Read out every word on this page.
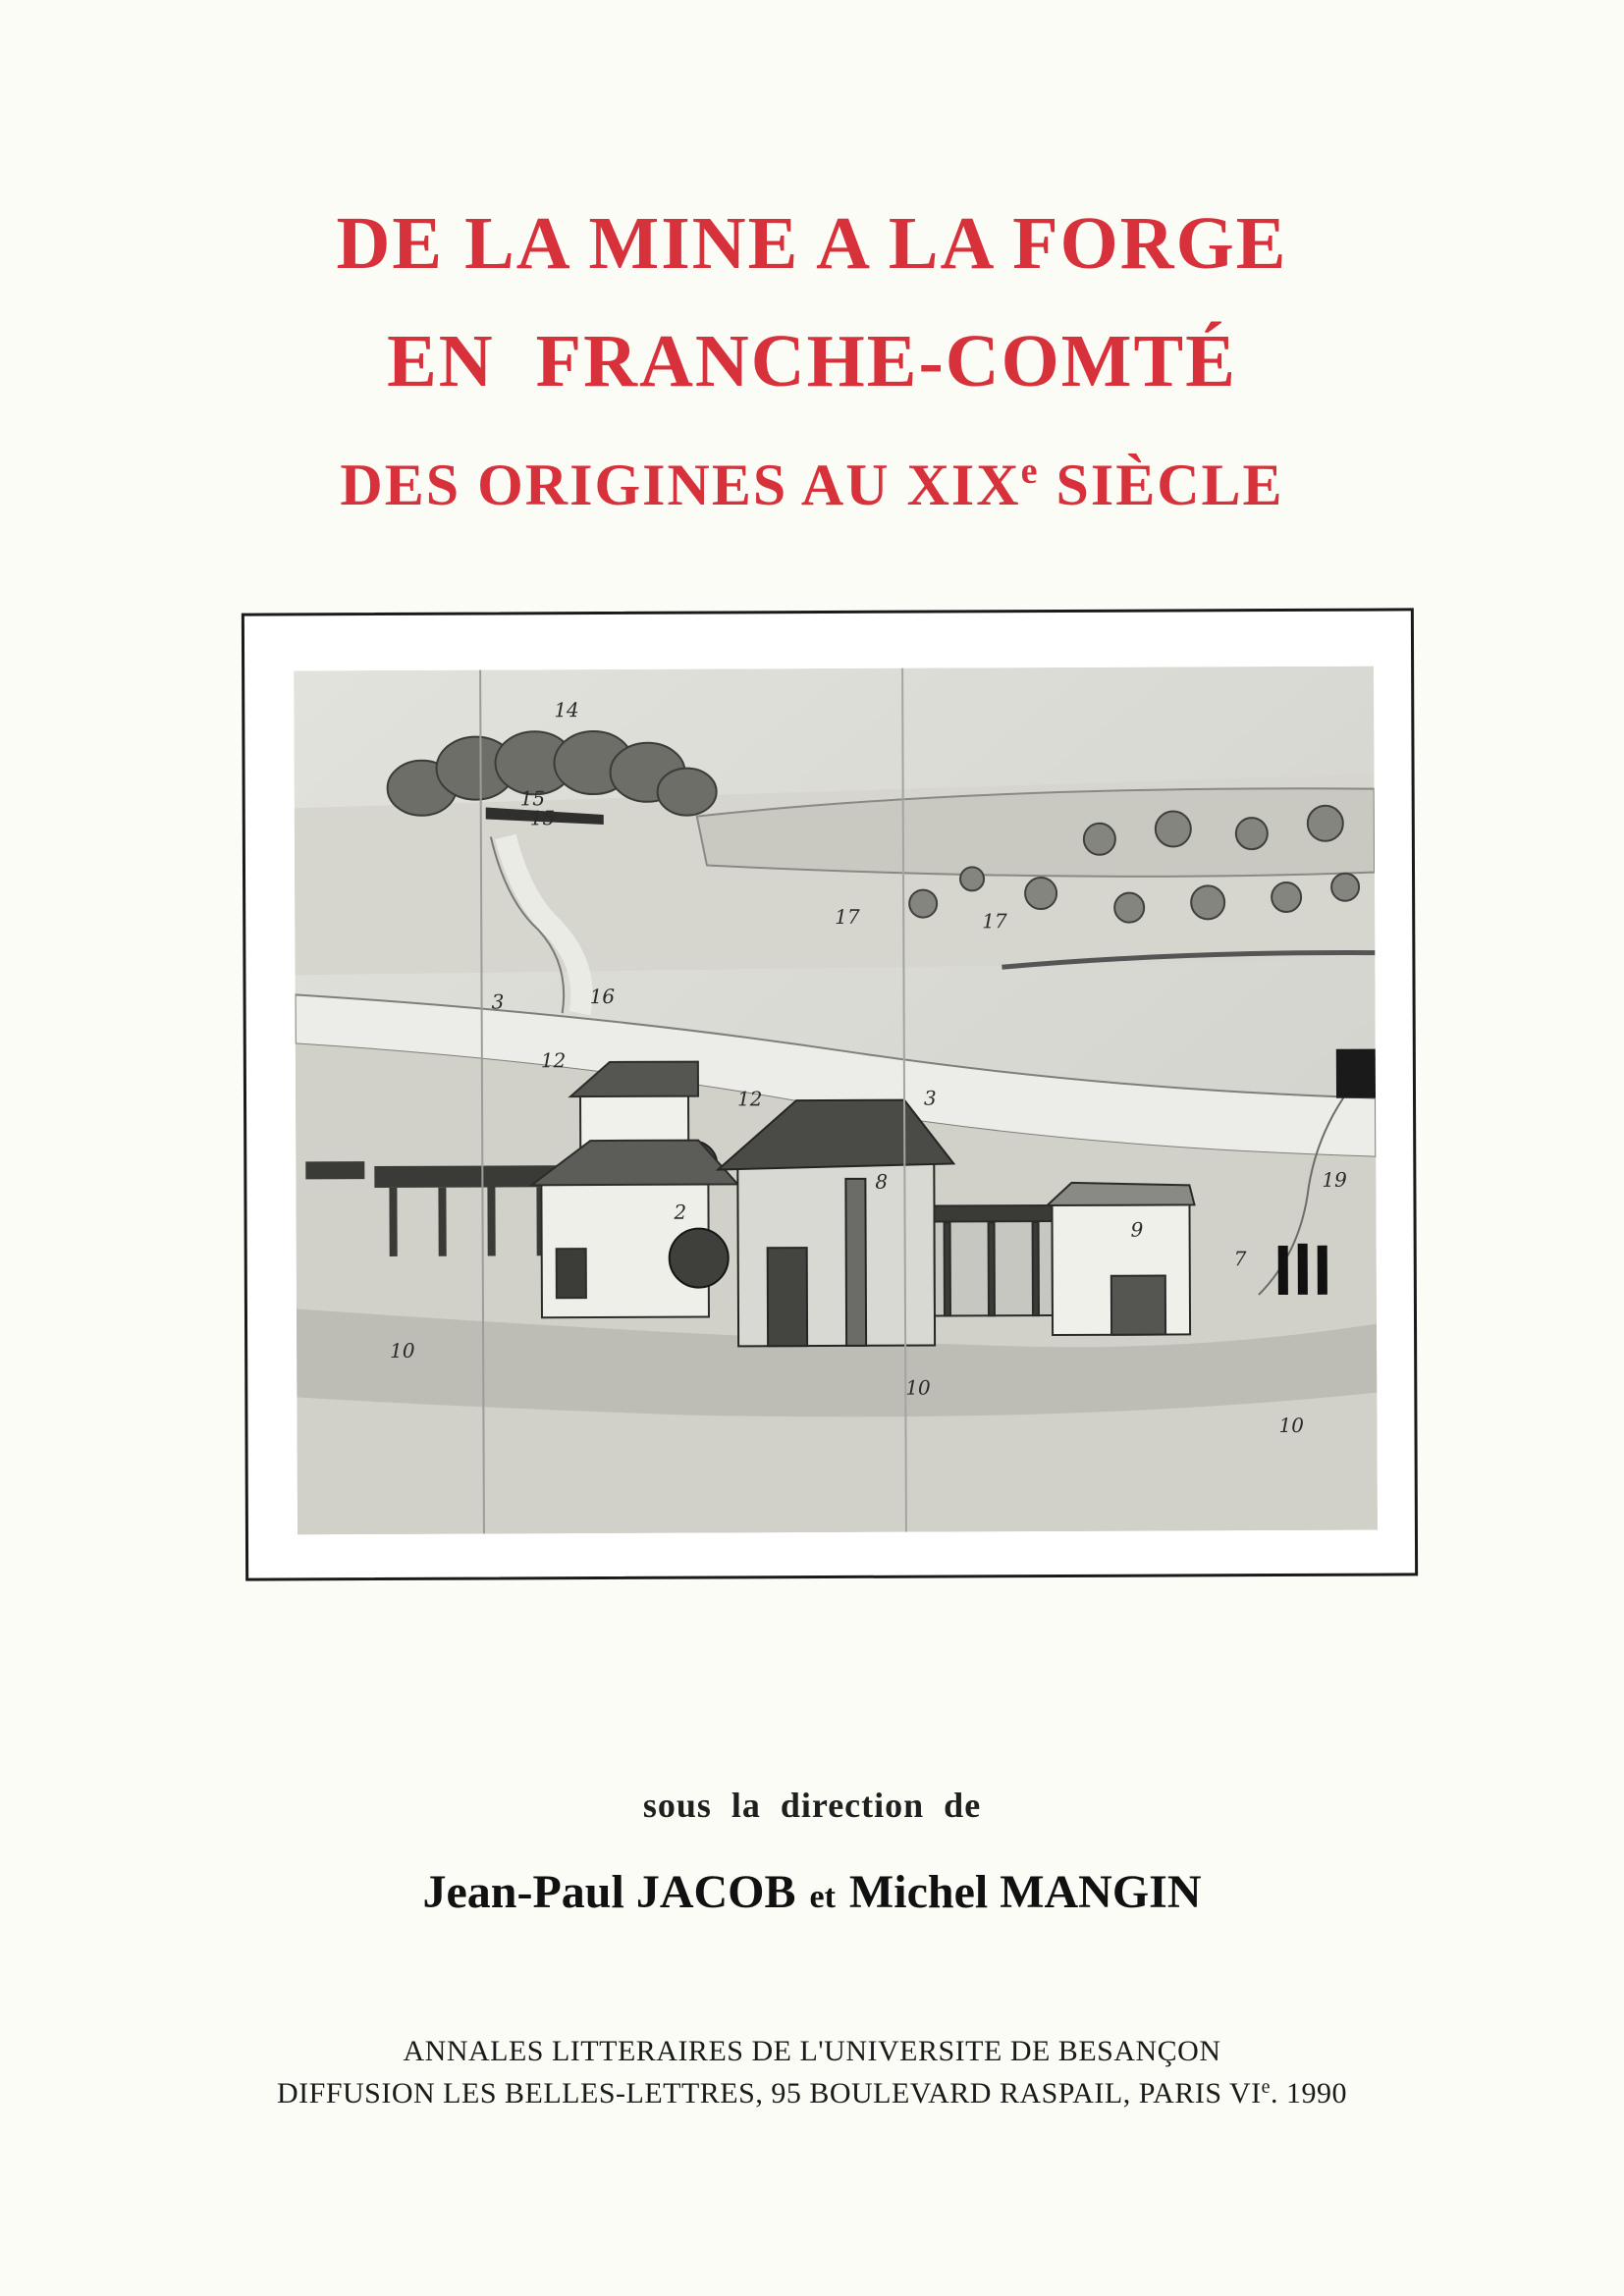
DE LA MINE A LA FORGE
EN  FRANCHE-COMTÉ
DES ORIGINES AU XIXe SIÈCLE
14
15
15
16
3
3
12
12
17	17
2
8
9
7
19
10
10
10
sous  la  direction  de
Jean-Paul JACOB et Michel MANGIN
ANNALES LITTERAIRES DE L'UNIVERSITE DE BESANÇON
DIFFUSION LES BELLES-LETTRES, 95 BOULEVARD RASPAIL, PARIS VIe. 1990
